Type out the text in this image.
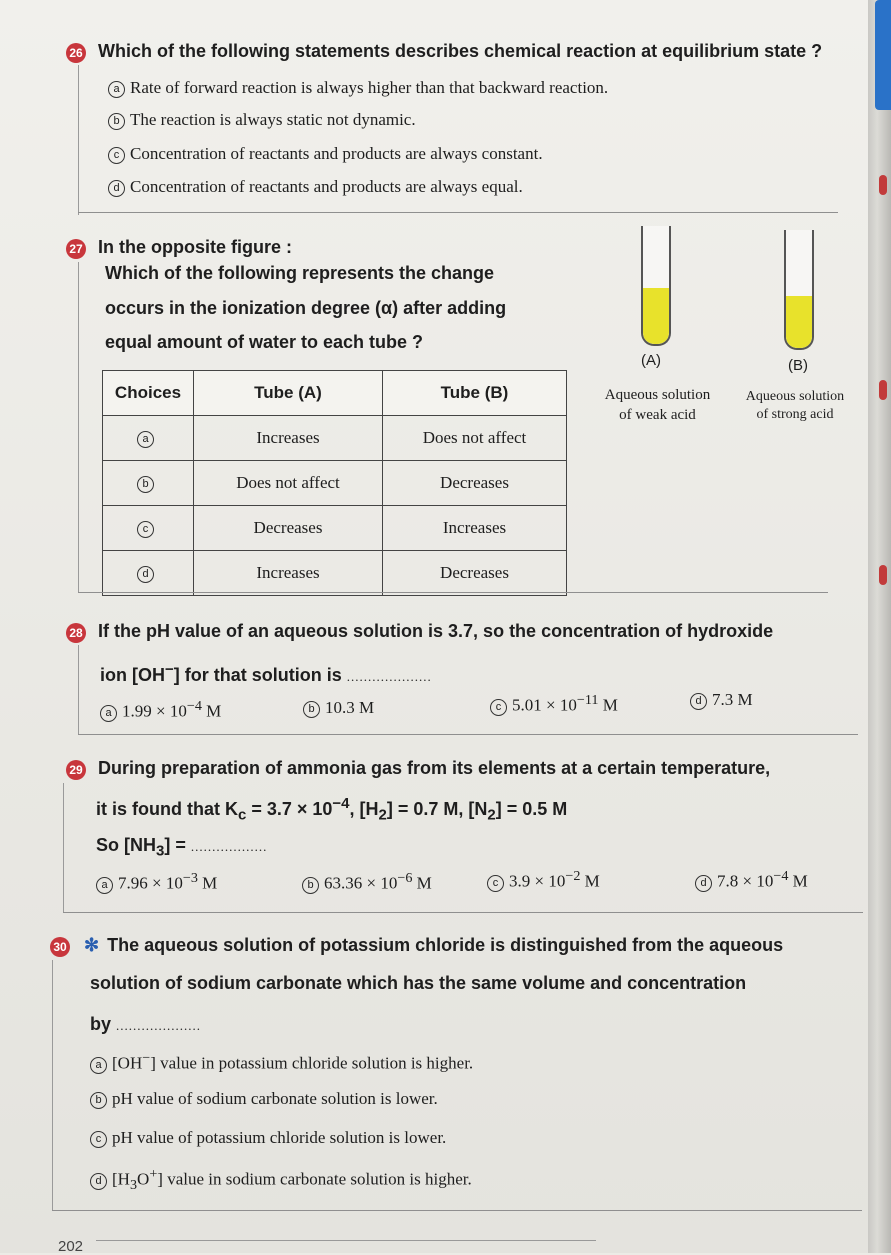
26 Which of the following statements describes chemical reaction at equilibrium state ?
a Rate of forward reaction is always higher than that backward reaction.
b The reaction is always static not dynamic.
c Concentration of reactants and products are always constant.
d Concentration of reactants and products are always equal.
27 In the opposite figure :
Which of the following represents the change
occurs in the ionization degree (α) after adding
equal amount of water to each tube ?
Choices	Tube (A)	Tube (B)
a	Increases	Does not affect
b	Does not affect	Decreases
c	Decreases	Increases
d	Increases	Decreases
(A)	(B)
Aqueous solution
of weak acid
Aqueous solution
of strong acid
28 If the pH value of an aqueous solution is 3.7, so the concentration of hydroxide
ion [OH−] for that solution is ....................
a $1.99 \times 10^{-4}$ M	b 10.3 M	c $5.01 \times 10^{-11}$ M	d 7.3 M
29 During preparation of ammonia gas from its elements at a certain temperature,
it is found that $K_c = 3.7 \times 10^{-4}$, $[H_2] = 0.7$ M, $[N_2] = 0.5$ M
So $[NH_3]$ = ..................
a $7.96 \times 10^{-3}$ M	b $63.36 \times 10^{-6}$ M	c $3.9 \times 10^{-2}$ M	d $7.8 \times 10^{-4}$ M
30 ✻ The aqueous solution of potassium chloride is distinguished from the aqueous
solution of sodium carbonate which has the same volume and concentration
by ....................
a [OH−] value in potassium chloride solution is higher.
b pH value of sodium carbonate solution is lower.
c pH value of potassium chloride solution is lower.
d $[H_3O^+]$ value in sodium carbonate solution is higher.
202
